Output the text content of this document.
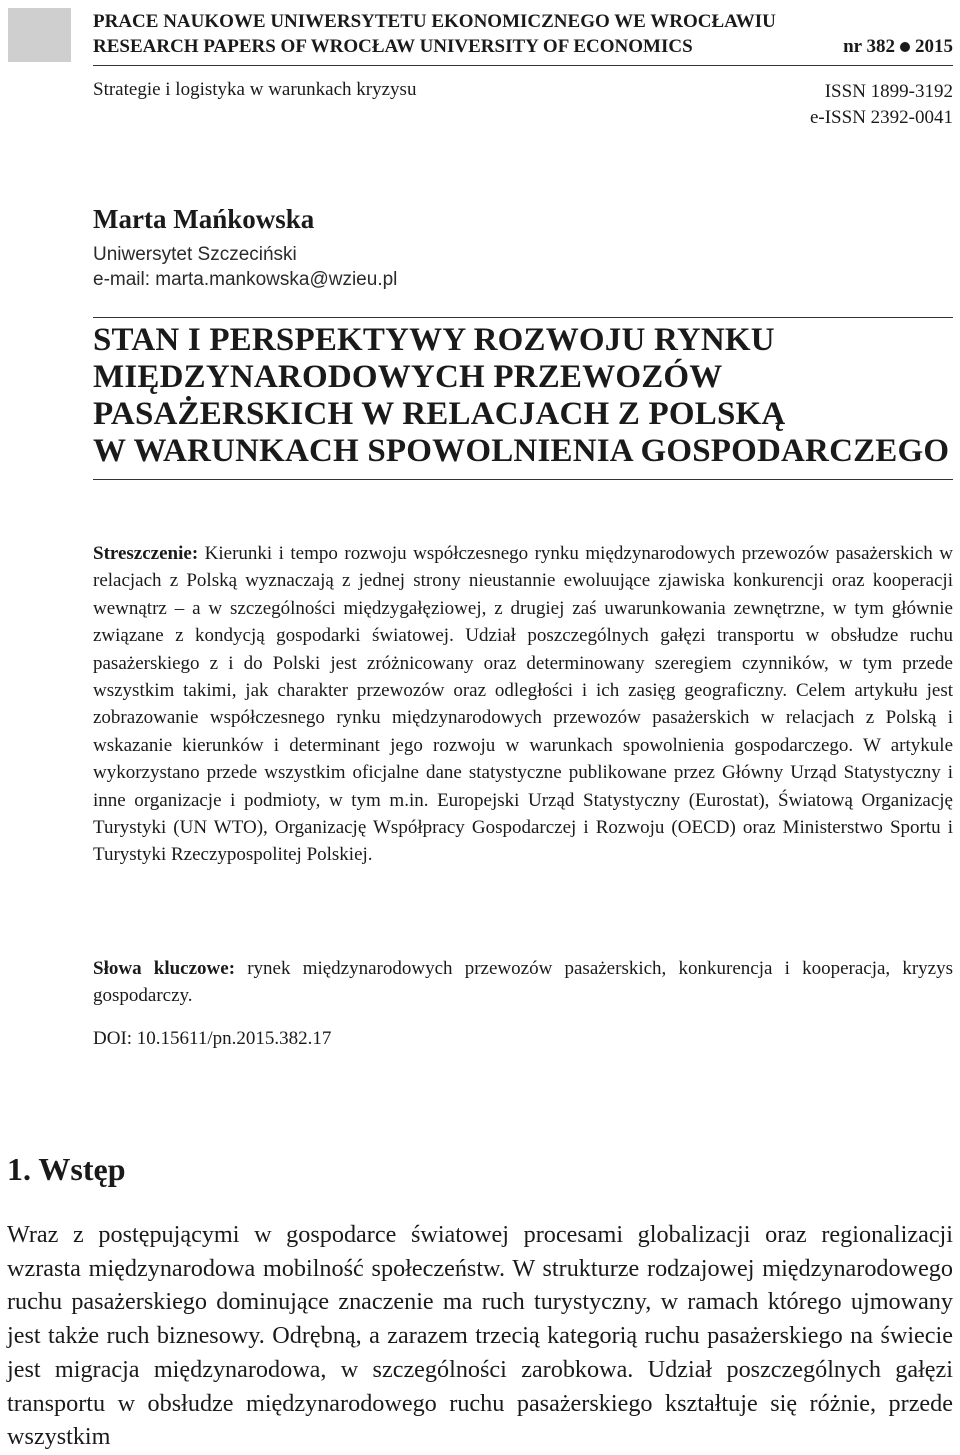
PRACE NAUKOWE UNIWERSYTETU EKONOMICZNEGO WE WROCŁAWIU
RESEARCH PAPERS OF WROCŁAW UNIVERSITY OF ECONOMICS	nr 382 2015
Strategie i logistyka w warunkach kryzysu	ISSN 1899-3192
e-ISSN 2392-0041
Marta Mańkowska
Uniwersytet Szczeciński
e-mail: marta.mankowska@wzieu.pl
STAN I PERSPEKTYWY ROZWOJU RYNKU
MIĘDZYNARODOWYCH PRZEWOZÓW
PASAŻERSKICH W RELACJACH Z POLSKĄ
W WARUNKACH SPOWOLNIENIA GOSPODARCZEGO
Streszczenie: Kierunki i tempo rozwoju współczesnego rynku międzynarodowych przewozów pasażerskich w relacjach z Polską wyznaczają z jednej strony nieustannie ewoluujące zjawiska konkurencji oraz kooperacji wewnątrz – a w szczególności międzygałęziowej, z drugiej zaś uwarunkowania zewnętrzne, w tym głównie związane z kondycją gospodarki światowej. Udział poszczególnych gałęzi transportu w obsłudze ruchu pasażerskiego z i do Polski jest zróżnicowany oraz determinowany szeregiem czynników, w tym przede wszystkim takimi, jak charakter przewozów oraz odległości i ich zasięg geograficzny. Celem artykułu jest zobrazowanie współczesnego rynku międzynarodowych przewozów pasażerskich w relacjach z Polską i wskazanie kierunków i determinant jego rozwoju w warunkach spowolnienia gospodarczego. W artykule wykorzystano przede wszystkim oficjalne dane statystyczne publikowane przez Główny Urząd Statystyczny i inne organizacje i podmioty, w tym m.in. Europejski Urząd Statystyczny (Eurostat), Światową Organizację Turystyki (UN WTO), Organizację Współpracy Gospodarczej i Rozwoju (OECD) oraz Ministerstwo Sportu i Turystyki Rzeczypospolitej Polskiej.
Słowa kluczowe: rynek międzynarodowych przewozów pasażerskich, konkurencja i kooperacja, kryzys gospodarczy.
DOI: 10.15611/pn.2015.382.17
1. Wstęp
Wraz z postępującymi w gospodarce światowej procesami globalizacji oraz regionalizacji wzrasta międzynarodowa mobilność społeczeństw. W strukturze rodzajowej międzynarodowego ruchu pasażerskiego dominujące znaczenie ma ruch turystyczny, w ramach którego ujmowany jest także ruch biznesowy. Odrębną, a zarazem trzecią kategorią ruchu pasażerskiego na świecie jest migracja międzynarodowa, w szczególności zarobkowa. Udział poszczególnych gałęzi transportu w obsłudze międzynarodowego ruchu pasażerskiego kształtuje się różnie, przede wszystkim
